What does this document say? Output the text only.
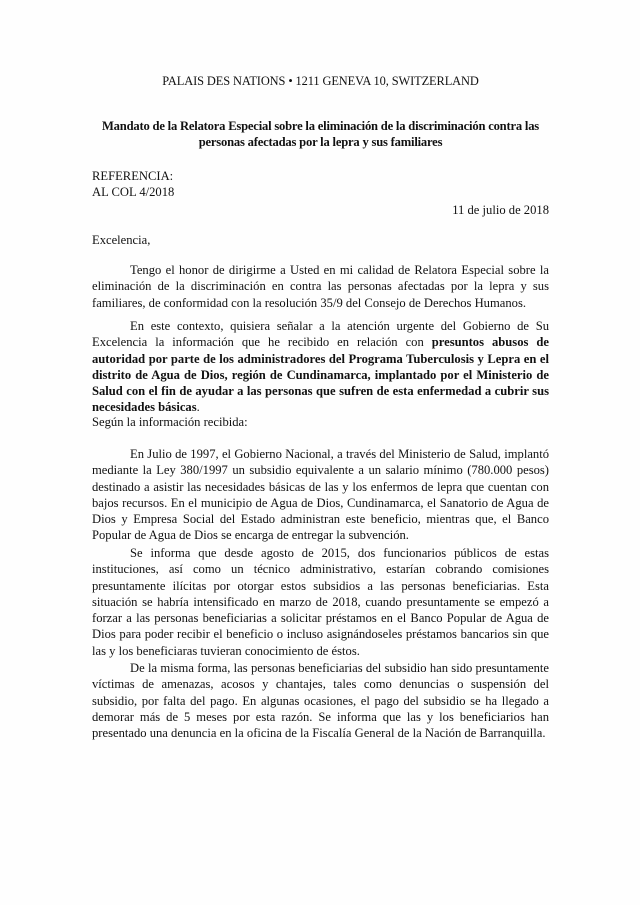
PALAIS DES NATIONS • 1211 GENEVA 10, SWITZERLAND
Mandato de la Relatora Especial sobre la eliminación de la discriminación contra las personas afectadas por la lepra y sus familiares
REFERENCIA:
AL COL 4/2018
11 de julio de 2018
Excelencia,
Tengo el honor de dirigirme a Usted en mi calidad de Relatora Especial sobre la eliminación de la discriminación en contra las personas afectadas por la lepra y sus familiares, de conformidad con la resolución 35/9 del Consejo de Derechos Humanos.
En este contexto, quisiera señalar a la atención urgente del Gobierno de Su Excelencia la información que he recibido en relación con presuntos abusos de autoridad por parte de los administradores del Programa Tuberculosis y Lepra en el distrito de Agua de Dios, región de Cundinamarca, implantado por el Ministerio de Salud con el fin de ayudar a las personas que sufren de esta enfermedad a cubrir sus necesidades básicas.
Según la información recibida:
En Julio de 1997, el Gobierno Nacional, a través del Ministerio de Salud, implantó mediante la Ley 380/1997 un subsidio equivalente a un salario mínimo (780.000 pesos) destinado a asistir las necesidades básicas de las y los enfermos de lepra que cuentan con bajos recursos. En el municipio de Agua de Dios, Cundinamarca, el Sanatorio de Agua de Dios y Empresa Social del Estado administran este beneficio, mientras que, el Banco Popular de Agua de Dios se encarga de entregar la subvención.
Se informa que desde agosto de 2015, dos funcionarios públicos de estas instituciones, así como un técnico administrativo, estarían cobrando comisiones presuntamente ilícitas por otorgar estos subsidios a las personas beneficiarias. Esta situación se habría intensificado en marzo de 2018, cuando presuntamente se empezó a forzar a las personas beneficiarias a solicitar préstamos en el Banco Popular de Agua de Dios para poder recibir el beneficio o incluso asignándoseles préstamos bancarios sin que las y los beneficiaras tuvieran conocimiento de éstos.
De la misma forma, las personas beneficiarias del subsidio han sido presuntamente víctimas de amenazas, acosos y chantajes, tales como denuncias o suspensión del subsidio, por falta del pago. En algunas ocasiones, el pago del subsidio se ha llegado a demorar más de 5 meses por esta razón. Se informa que las y los beneficiarios han presentado una denuncia en la oficina de la Fiscalía General de la Nación de Barranquilla.
